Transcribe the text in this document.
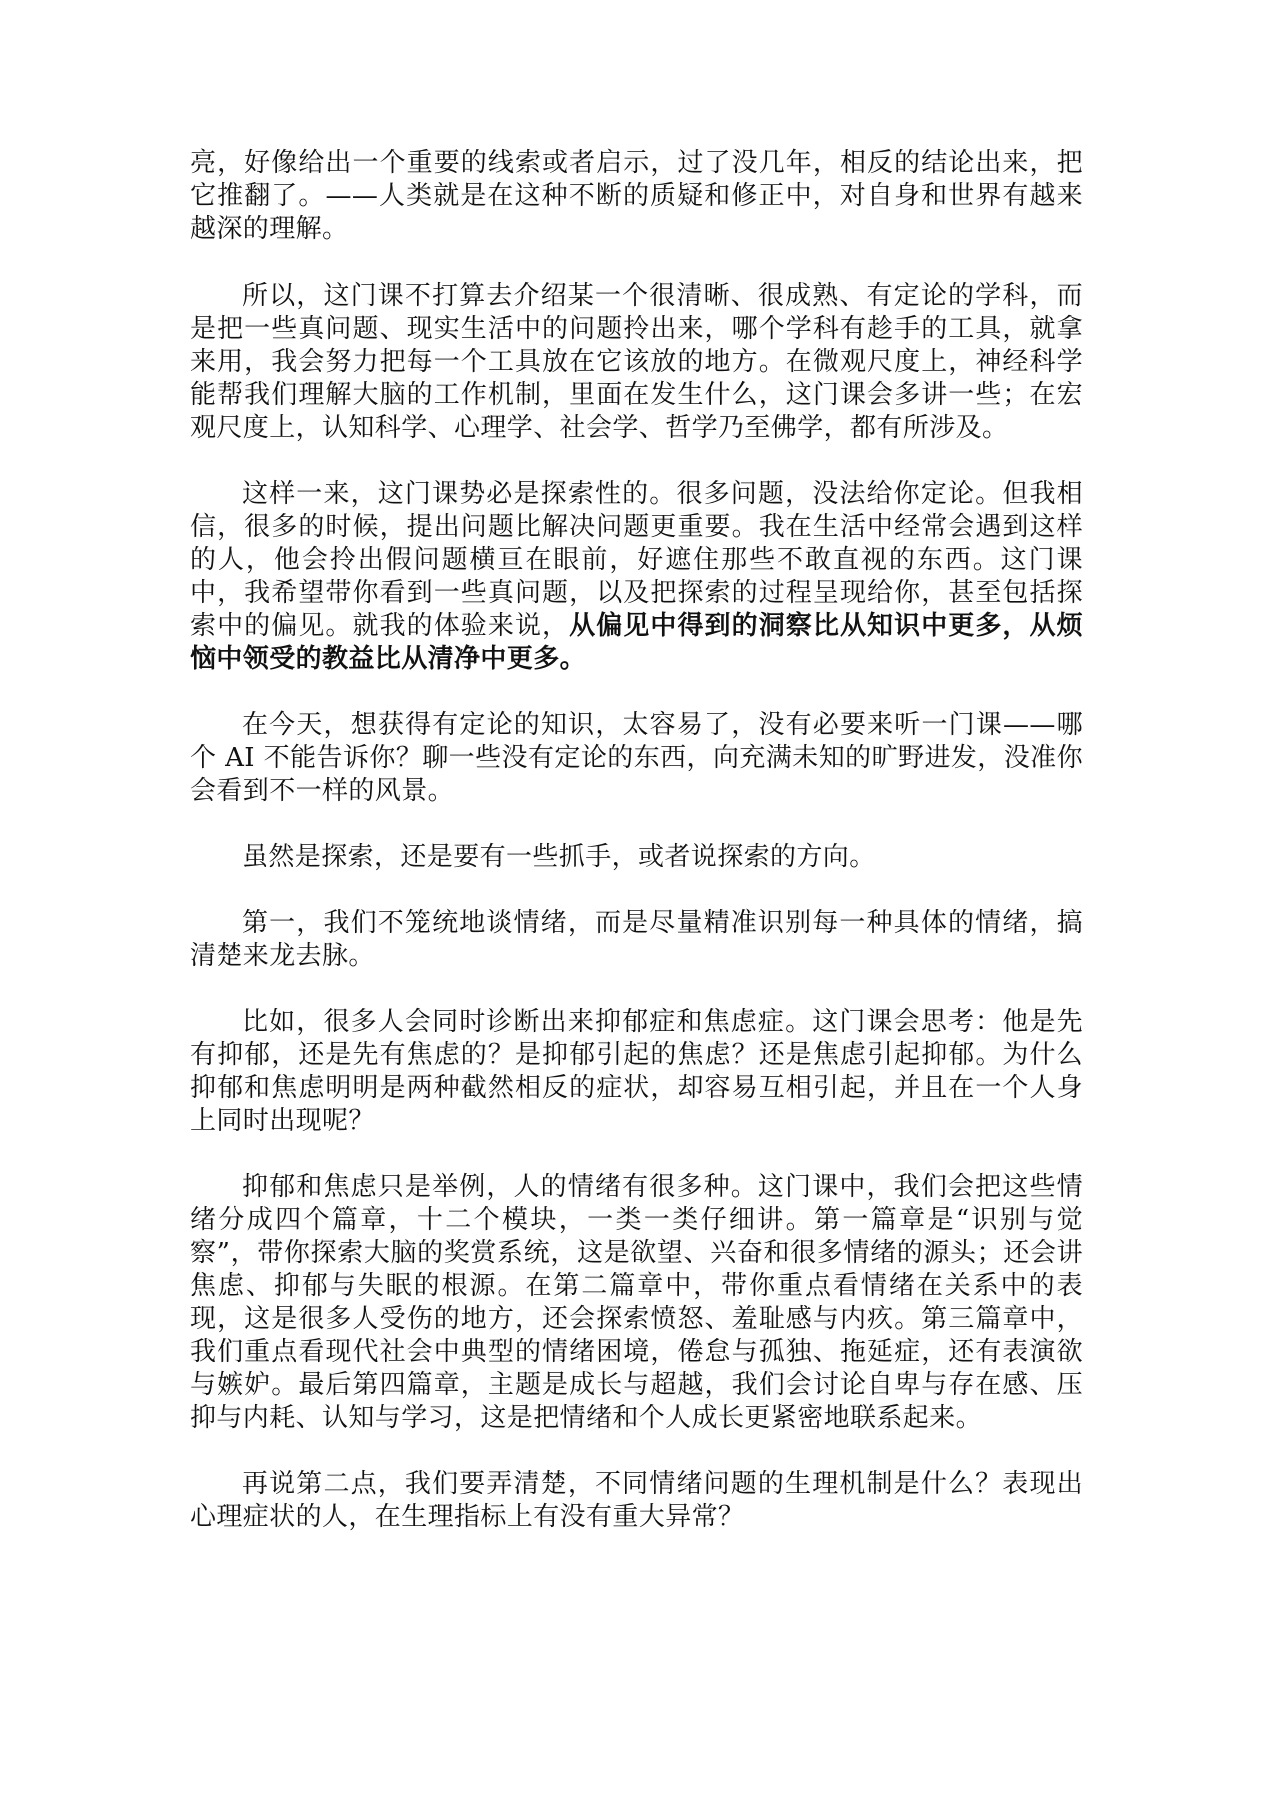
亮，好像给出一个重要的线索或者启示，过了没几年，相反的结论出来，把它推翻了。——人类就是在这种不断的质疑和修正中，对自身和世界有越来越深的理解。

所以，这门课不打算去介绍某一个很清晰、很成熟、有定论的学科，而是把一些真问题、现实生活中的问题拎出来，哪个学科有趁手的工具，就拿来用，我会努力把每一个工具放在它该放的地方。在微观尺度上，神经科学能帮我们理解大脑的工作机制，里面在发生什么，这门课会多讲一些；在宏观尺度上，认知科学、心理学、社会学、哲学乃至佛学，都有所涉及。

这样一来，这门课势必是探索性的。很多问题，没法给你定论。但我相信，很多的时候，提出问题比解决问题更重要。我在生活中经常会遇到这样的人，他会拎出假问题横亘在眼前，好遮住那些不敢直视的东西。这门课中，我希望带你看到一些真问题，以及把探索的过程呈现给你，甚至包括探索中的偏见。就我的体验来说，从偏见中得到的洞察比从知识中更多，从烦恼中领受的教益比从清净中更多。

在今天，想获得有定论的知识，太容易了，没有必要来听一门课——哪个 AI 不能告诉你？聊一些没有定论的东西，向充满未知的旷野进发，没准你会看到不一样的风景。

虽然是探索，还是要有一些抓手，或者说探索的方向。

第一，我们不笼统地谈情绪，而是尽量精准识别每一种具体的情绪，搞清楚来龙去脉。

比如，很多人会同时诊断出来抑郁症和焦虑症。这门课会思考：他是先有抑郁，还是先有焦虑的？是抑郁引起的焦虑？还是焦虑引起抑郁。为什么抑郁和焦虑明明是两种截然相反的症状，却容易互相引起，并且在一个人身上同时出现呢？

抑郁和焦虑只是举例，人的情绪有很多种。这门课中，我们会把这些情绪分成四个篇章，十二个模块，一类一类仔细讲。第一篇章是“识别与觉察”，带你探索大脑的奖赏系统，这是欲望、兴奋和很多情绪的源头；还会讲焦虑、抑郁与失眠的根源。在第二篇章中，带你重点看情绪在关系中的表现，这是很多人受伤的地方，还会探索愤怒、羞耻感与内疚。第三篇章中，我们重点看现代社会中典型的情绪困境，倦怠与孤独、拖延症，还有表演欲与嫉妒。最后第四篇章，主题是成长与超越，我们会讨论自卑与存在感、压抑与内耗、认知与学习，这是把情绪和个人成长更紧密地联系起来。

再说第二点，我们要弄清楚，不同情绪问题的生理机制是什么？表现出心理症状的人，在生理指标上有没有重大异常？
